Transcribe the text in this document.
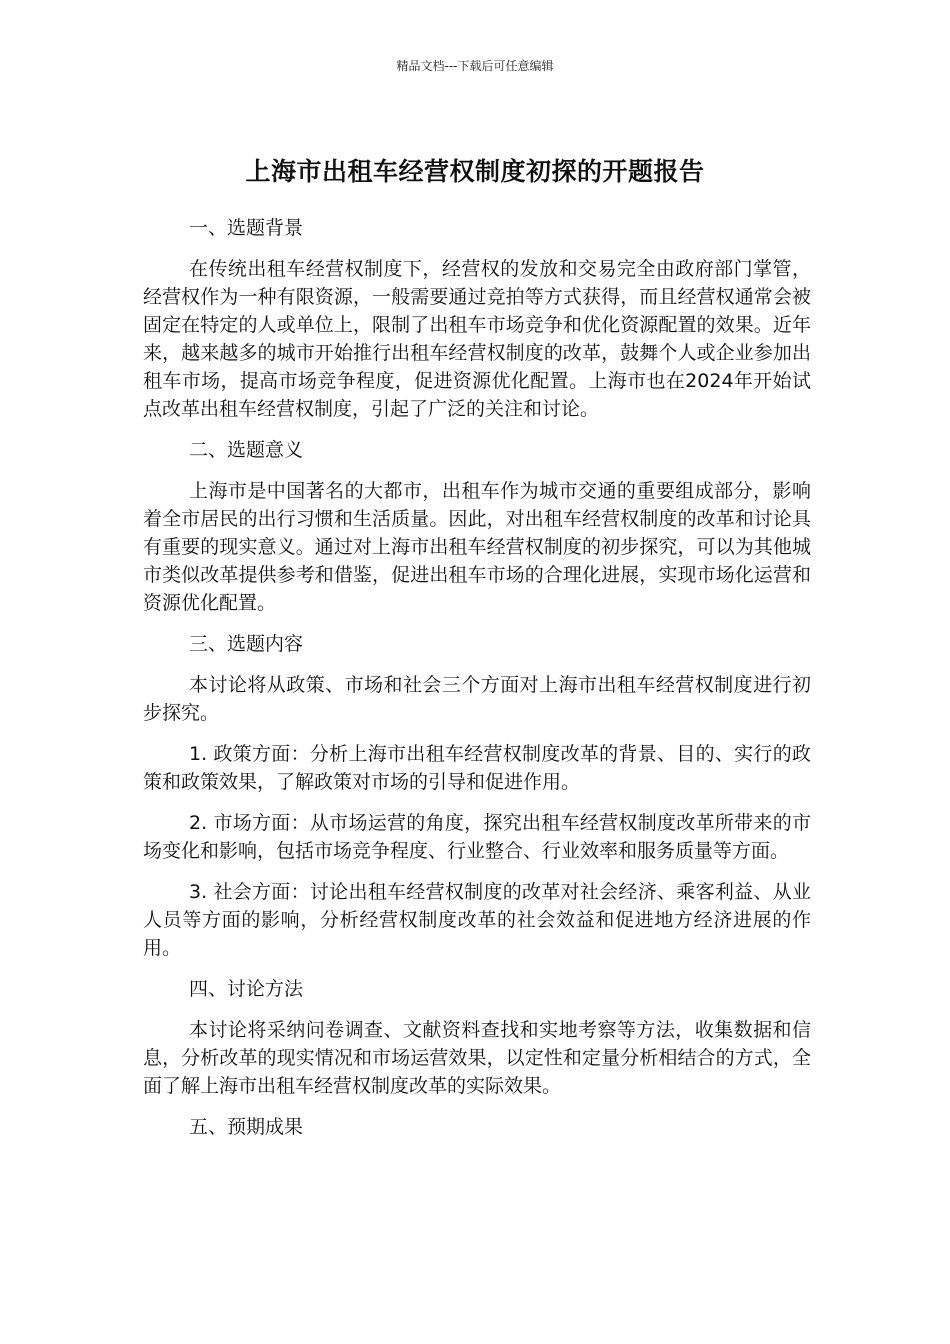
精品文档---下载后可任意编辑
上海市出租车经营权制度初探的开题报告
一、选题背景

在传统出租车经营权制度下，经营权的发放和交易完全由政府部门掌管，经营权作为一种有限资源，一般需要通过竞拍等方式获得，而且经营权通常会被固定在特定的人或单位上，限制了出租车市场竞争和优化资源配置的效果。近年来，越来越多的城市开始推行出租车经营权制度的改革，鼓舞个人或企业参加出租车市场，提高市场竞争程度，促进资源优化配置。上海市也在2024年开始试点改革出租车经营权制度，引起了广泛的关注和讨论。

二、选题意义

上海市是中国著名的大都市，出租车作为城市交通的重要组成部分，影响着全市居民的出行习惯和生活质量。因此，对出租车经营权制度的改革和讨论具有重要的现实意义。通过对上海市出租车经营权制度的初步探究，可以为其他城市类似改革提供参考和借鉴，促进出租车市场的合理化进展，实现市场化运营和资源优化配置。

三、选题内容

本讨论将从政策、市场和社会三个方面对上海市出租车经营权制度进行初步探究。

1. 政策方面：分析上海市出租车经营权制度改革的背景、目的、实行的政策和政策效果，了解政策对市场的引导和促进作用。

2. 市场方面：从市场运营的角度，探究出租车经营权制度改革所带来的市场变化和影响，包括市场竞争程度、行业整合、行业效率和服务质量等方面。

3. 社会方面：讨论出租车经营权制度的改革对社会经济、乘客利益、从业人员等方面的影响，分析经营权制度改革的社会效益和促进地方经济进展的作用。

四、讨论方法

本讨论将采纳问卷调查、文献资料查找和实地考察等方法，收集数据和信息，分析改革的现实情况和市场运营效果，以定性和定量分析相结合的方式，全面了解上海市出租车经营权制度改革的实际效果。

五、预期成果
